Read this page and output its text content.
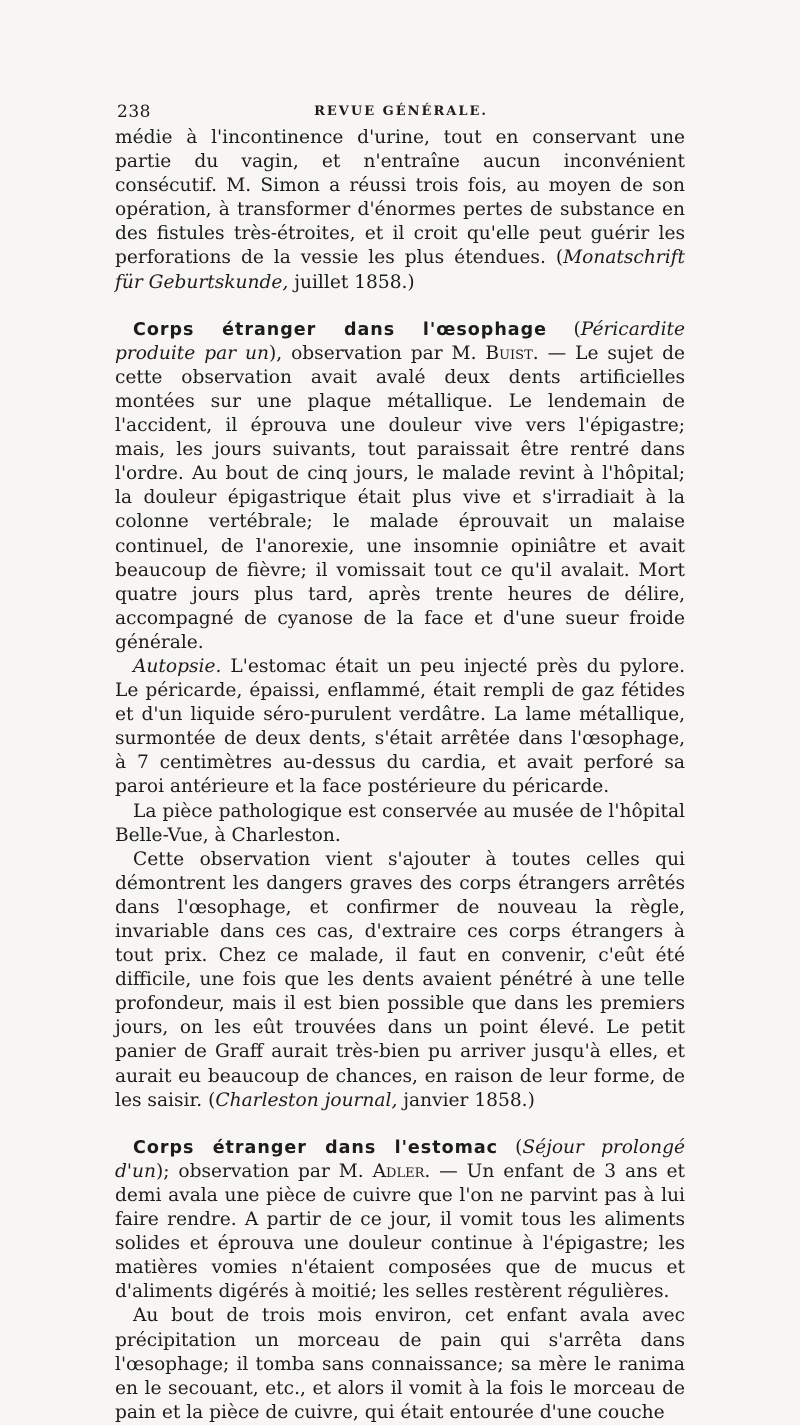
238	REVUE GÉNÉRALE.

médie à l'incontinence d'urine, tout en conservant une partie du vagin, et n'entraîne aucun inconvénient consécutif. M. Simon a réussi trois fois, au moyen de son opération, à transformer d'énormes pertes de substance en des fistules très-étroites, et il croit qu'elle peut guérir les perforations de la vessie les plus étendues. (Monatschrift für Geburtskunde, juillet 1858.)

Corps étranger dans l'œsophage (Péricardite produite par un), observation par M. Buist. — Le sujet de cette observation avait avalé deux dents artificielles montées sur une plaque métallique. Le lendemain de l'accident, il éprouva une douleur vive vers l'épigastre; mais, les jours suivants, tout paraissait être rentré dans l'ordre. Au bout de cinq jours, le malade revint à l'hôpital; la douleur épigastrique était plus vive et s'irradiait à la colonne vertébrale; le malade éprouvait un malaise continuel, de l'anorexie, une insomnie opiniâtre et avait beaucoup de fièvre; il vomissait tout ce qu'il avalait. Mort quatre jours plus tard, après trente heures de délire, accompagné de cyanose de la face et d'une sueur froide générale.

Autopsie. L'estomac était un peu injecté près du pylore. Le péricarde, épaissi, enflammé, était rempli de gaz fétides et d'un liquide séro-purulent verdâtre. La lame métallique, surmontée de deux dents, s'était arrêtée dans l'œsophage, à 7 centimètres au-dessus du cardia, et avait perforé sa paroi antérieure et la face postérieure du péricarde.

La pièce pathologique est conservée au musée de l'hôpital Belle-Vue, à Charleston.

Cette observation vient s'ajouter à toutes celles qui démontrent les dangers graves des corps étrangers arrêtés dans l'œsophage, et confirmer de nouveau la règle, invariable dans ces cas, d'extraire ces corps étrangers à tout prix. Chez ce malade, il faut en convenir, c'eût été difficile, une fois que les dents avaient pénétré à une telle profondeur, mais il est bien possible que dans les premiers jours, on les eût trouvées dans un point élevé. Le petit panier de Graff aurait très-bien pu arriver jusqu'à elles, et aurait eu beaucoup de chances, en raison de leur forme, de les saisir. (Charleston journal, janvier 1858.)

Corps étranger dans l'estomac (Séjour prolongé d'un); observation par M. Adler. — Un enfant de 3 ans et demi avala une pièce de cuivre que l'on ne parvint pas à lui faire rendre. A partir de ce jour, il vomit tous les aliments solides et éprouva une douleur continue à l'épigastre; les matières vomies n'étaient composées que de mucus et d'aliments digérés à moitié; les selles restèrent régulières.

Au bout de trois mois environ, cet enfant avala avec précipitation un morceau de pain qui s'arrêta dans l'œsophage; il tomba sans connaissance; sa mère le ranima en le secouant, etc., et alors il vomit à la fois le morceau de pain et la pièce de cuivre, qui était entourée d'une couche
